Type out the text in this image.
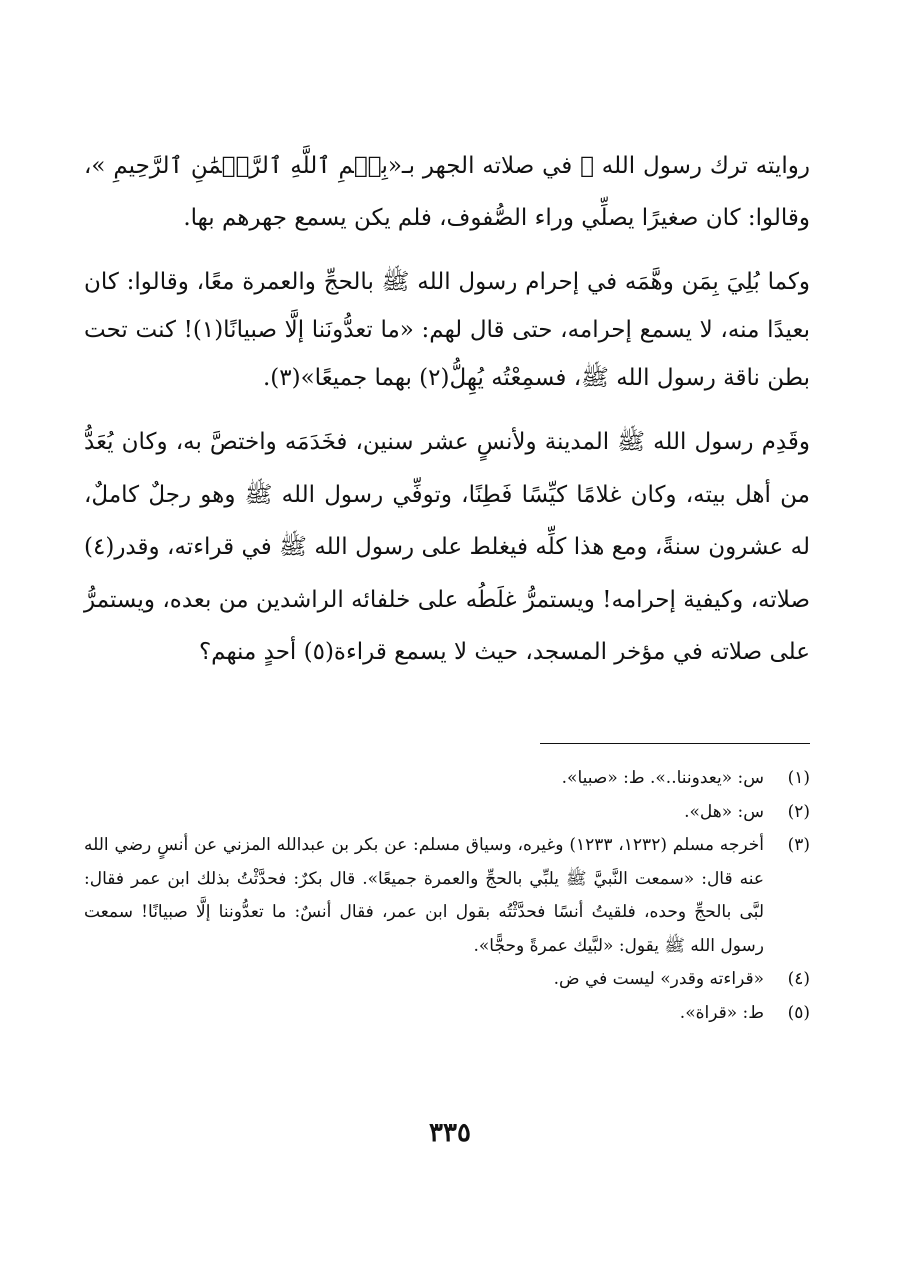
روايته ترك رسول الله ﷺ في صلاته الجهر بـ«بِسۡمِ ٱللَّهِ ٱلرَّحۡمَٰنِ ٱلرَّحِيمِ »، وقالوا: كان صغيرًا يصلِّي وراء الصُّفوف، فلم يكن يسمع جهرهم بها.

وكما بُلِيَ بِمَن وهَّمَه في إحرام رسول الله ﷺ بالحجِّ والعمرة معًا، وقالوا: كان بعيدًا منه، لا يسمع إحرامه، حتى قال لهم: «ما تعدُّونَنا إلَّا صبيانًا(١)! كنت تحت بطن ناقة رسول الله ﷺ، فسمِعْتُه يُهِلُّ(٢) بهما جميعًا»(٣).

وقَدِم رسول الله ﷺ المدينة ولأنسٍ عشر سنين، فخَدَمَه واختصَّ به، وكان يُعَدُّ من أهل بيته، وكان غلامًا كيِّسًا فَطِنًا، وتوفِّي رسول الله ﷺ وهو رجلٌ كاملٌ، له عشرون سنةً، ومع هذا كلِّه فيغلط على رسول الله ﷺ في قراءته، وقدر(٤) صلاته، وكيفية إحرامه! ويستمرُّ غلَطُه على خلفائه الراشدين من بعده، ويستمرُّ على صلاته في مؤخر المسجد، حيث لا يسمع قراءة(٥) أحدٍ منهم؟

(١)
س: «يعدوننا..». ط: «صبيا».
(٢)
س: «هل».
(٣)
أخرجه مسلم (١٢٣٢، ١٢٣٣) وغيره، وسياق مسلم: عن بكر بن عبدالله المزني عن أنسٍ رضي الله عنه قال: «سمعت النَّبيَّ ﷺ يلبِّي بالحجِّ والعمرة جميعًا». قال بكرٌ: فحدَّثْتُ بذلك ابن عمر فقال: لبَّى بالحجِّ وحده، فلقيتُ أنسًا فحدَّثْتُه بقول ابن عمر، فقال أنسٌ: ما تعدُّوننا إلَّا صبيانًا! سمعت رسول الله ﷺ يقول: «لبَّيك عمرةً وحجًّا».
(٤)
«قراءته وقدر» ليست في ض.
(٥)
ط: «قراة».
٣٣٥
